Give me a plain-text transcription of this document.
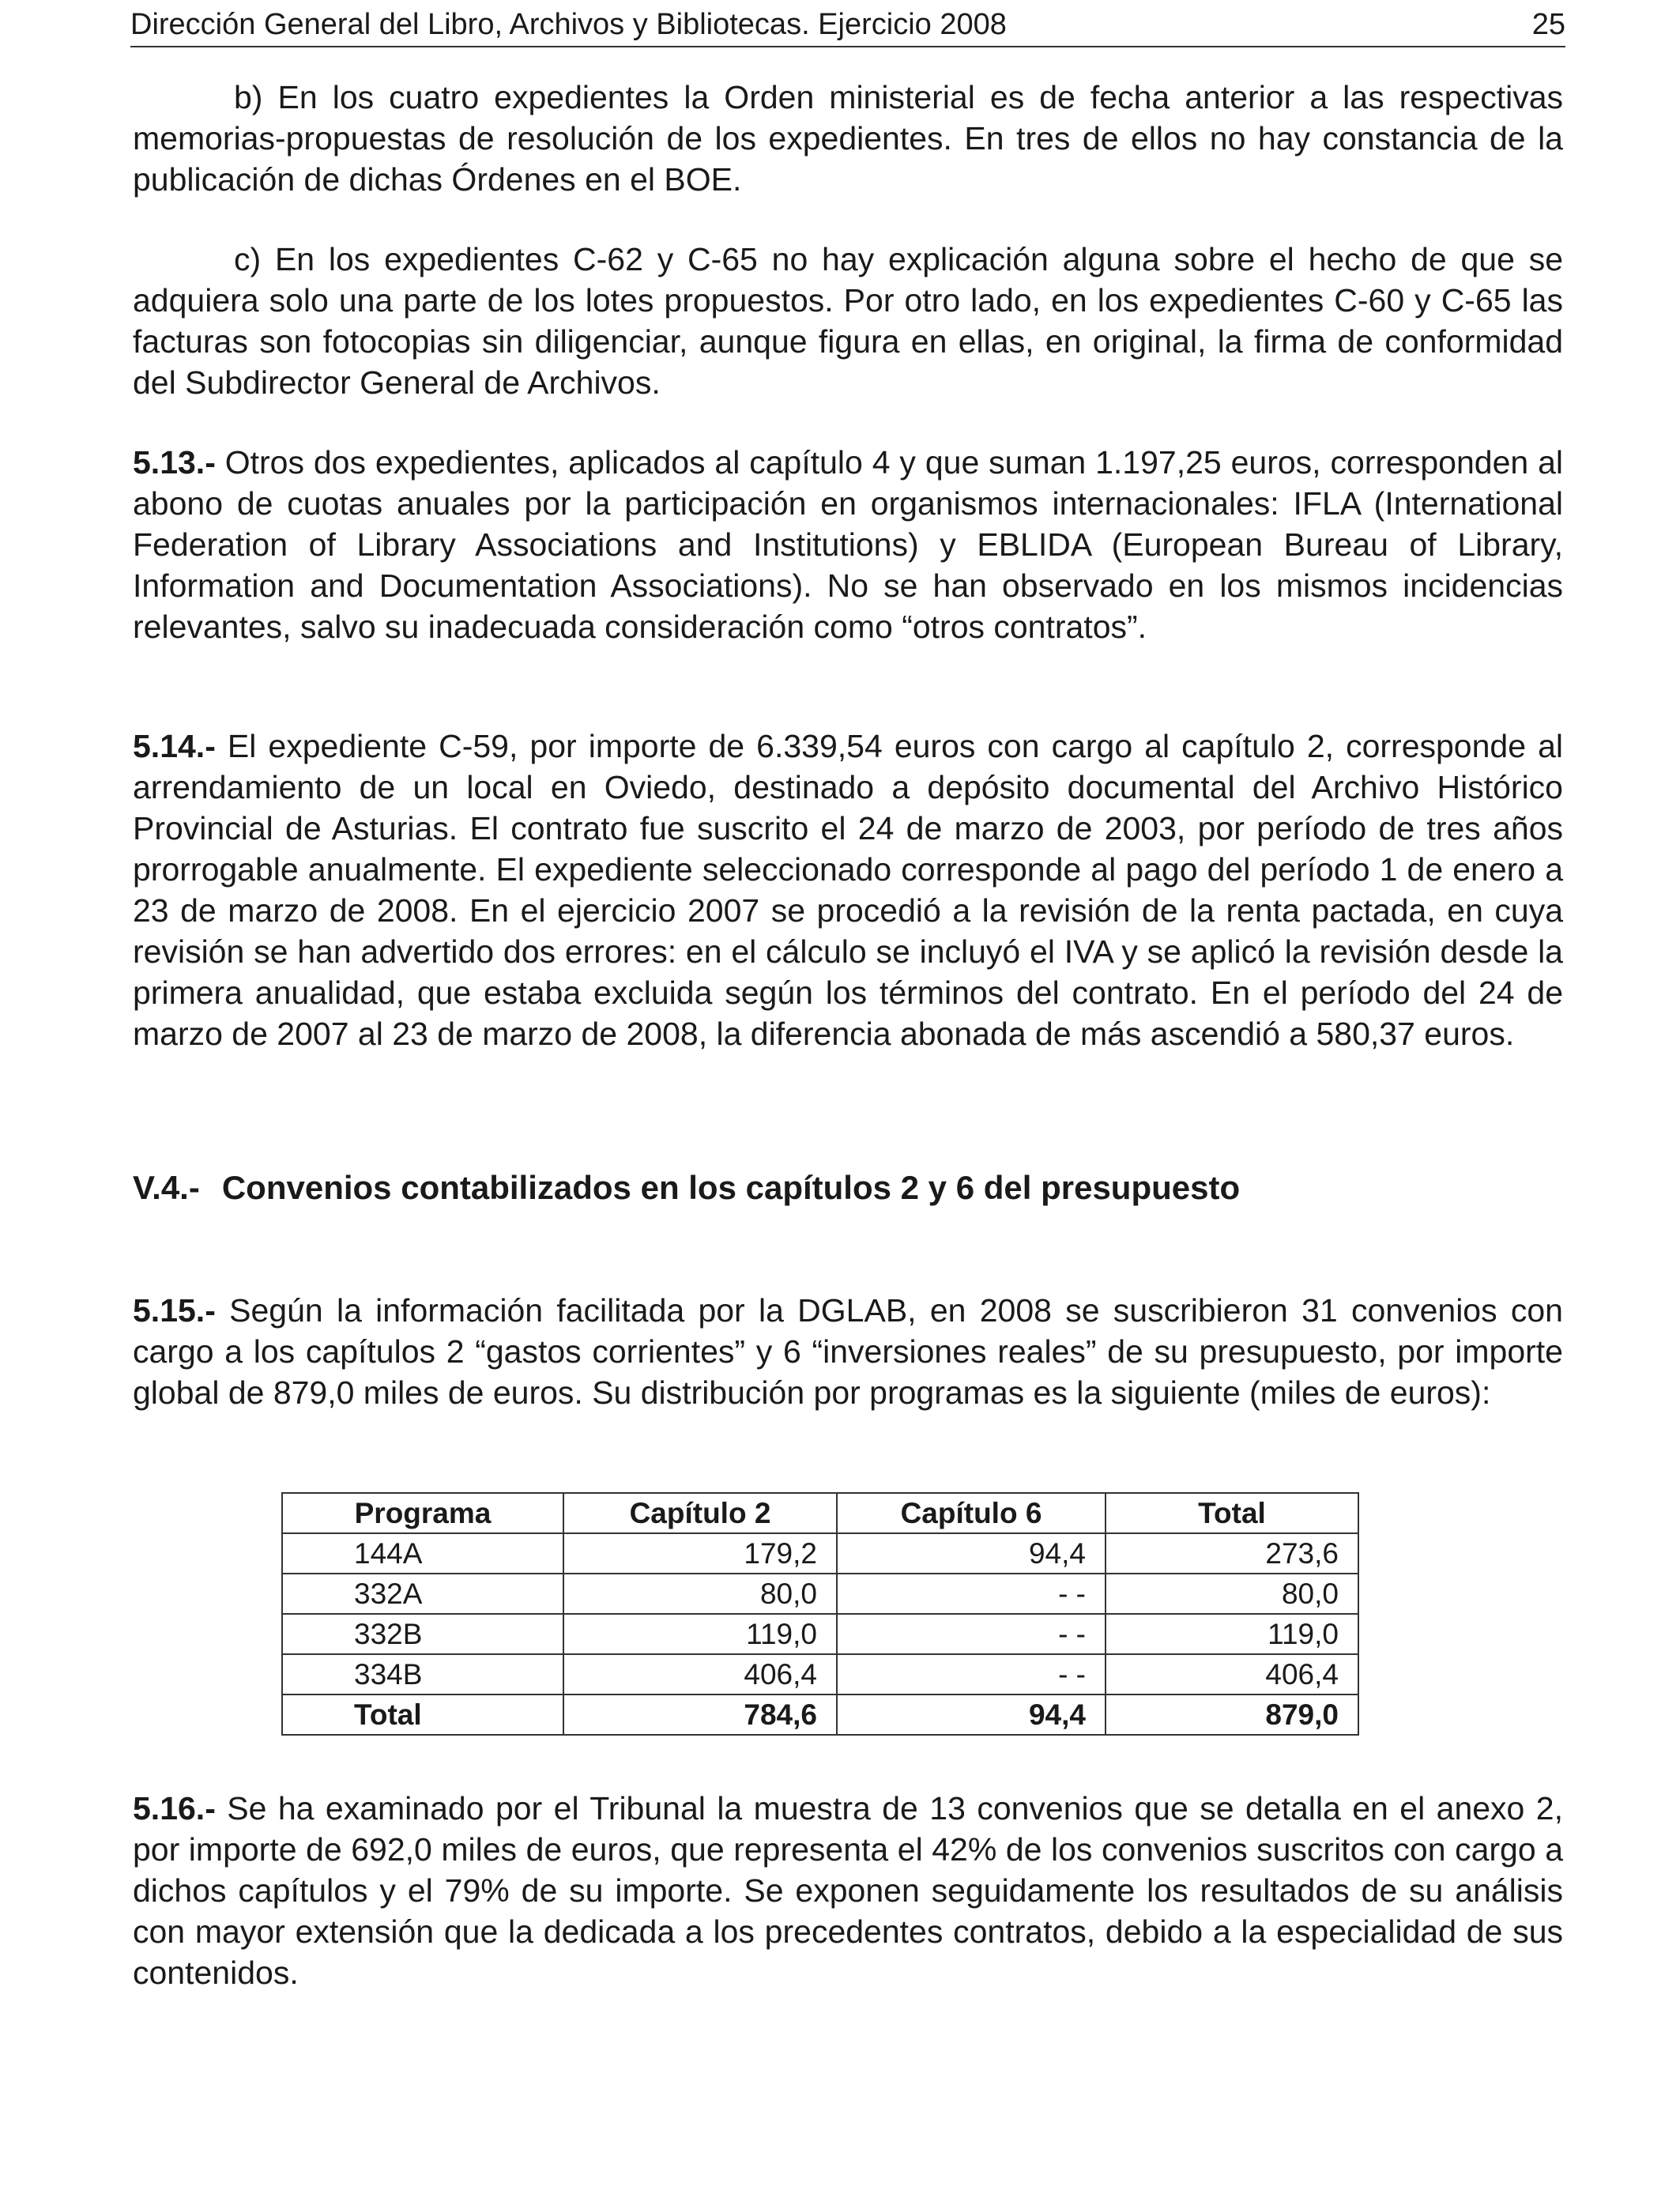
Dirección General del Libro, Archivos y Bibliotecas. Ejercicio 2008	25

b) En los cuatro expedientes la Orden ministerial es de fecha anterior a las respectivas memorias-propuestas de resolución de los expedientes. En tres de ellos no hay constancia de la publicación de dichas Órdenes en el BOE.

c) En los expedientes C-62 y C-65 no hay explicación alguna sobre el hecho de que se adquiera solo una parte de los lotes propuestos. Por otro lado, en los expedientes C-60 y C-65 las facturas son fotocopias sin diligenciar, aunque figura en ellas, en original, la firma de conformidad del Subdirector General de Archivos.

5.13.- Otros dos expedientes, aplicados al capítulo 4 y que suman 1.197,25 euros, corresponden al abono de cuotas anuales por la participación en organismos internacionales: IFLA (International Federation of Library Associations and Institutions) y EBLIDA (European Bureau of Library, Information and Documentation Associations). No se han observado en los mismos incidencias relevantes, salvo su inadecuada consideración como “otros contratos”.

5.14.- El expediente C-59, por importe de 6.339,54 euros con cargo al capítulo 2, corresponde al arrendamiento de un local en Oviedo, destinado a depósito documental del Archivo Histórico Provincial de Asturias. El contrato fue suscrito el 24 de marzo de 2003, por período de tres años prorrogable anualmente. El expediente seleccionado corresponde al pago del período 1 de enero a 23 de marzo de 2008. En el ejercicio 2007 se procedió a la revisión de la renta pactada, en cuya revisión se han advertido dos errores: en el cálculo se incluyó el IVA y se aplicó la revisión desde la primera anualidad, que estaba excluida según los términos del contrato. En el período del 24 de marzo de 2007 al 23 de marzo de 2008, la diferencia abonada de más ascendió a 580,37 euros.

V.4.- Convenios contabilizados en los capítulos 2 y 6 del presupuesto

5.15.- Según la información facilitada por la DGLAB, en 2008 se suscribieron 31 convenios con cargo a los capítulos 2 “gastos corrientes” y 6 “inversiones reales” de su presupuesto, por importe global de 879,0 miles de euros. Su distribución por programas es la siguiente (miles de euros):

Programa	Capítulo 2	Capítulo 6	Total
144A	179,2	94,4	273,6
332A	80,0	- -	80,0
332B	119,0	- -	119,0
334B	406,4	- -	406,4
Total	784,6	94,4	879,0

5.16.- Se ha examinado por el Tribunal la muestra de 13 convenios que se detalla en el anexo 2, por importe de 692,0 miles de euros, que representa el 42% de los convenios suscritos con cargo a dichos capítulos y el 79% de su importe. Se exponen seguidamente los resultados de su análisis con mayor extensión que la dedicada a los precedentes contratos, debido a la especialidad de sus contenidos.
